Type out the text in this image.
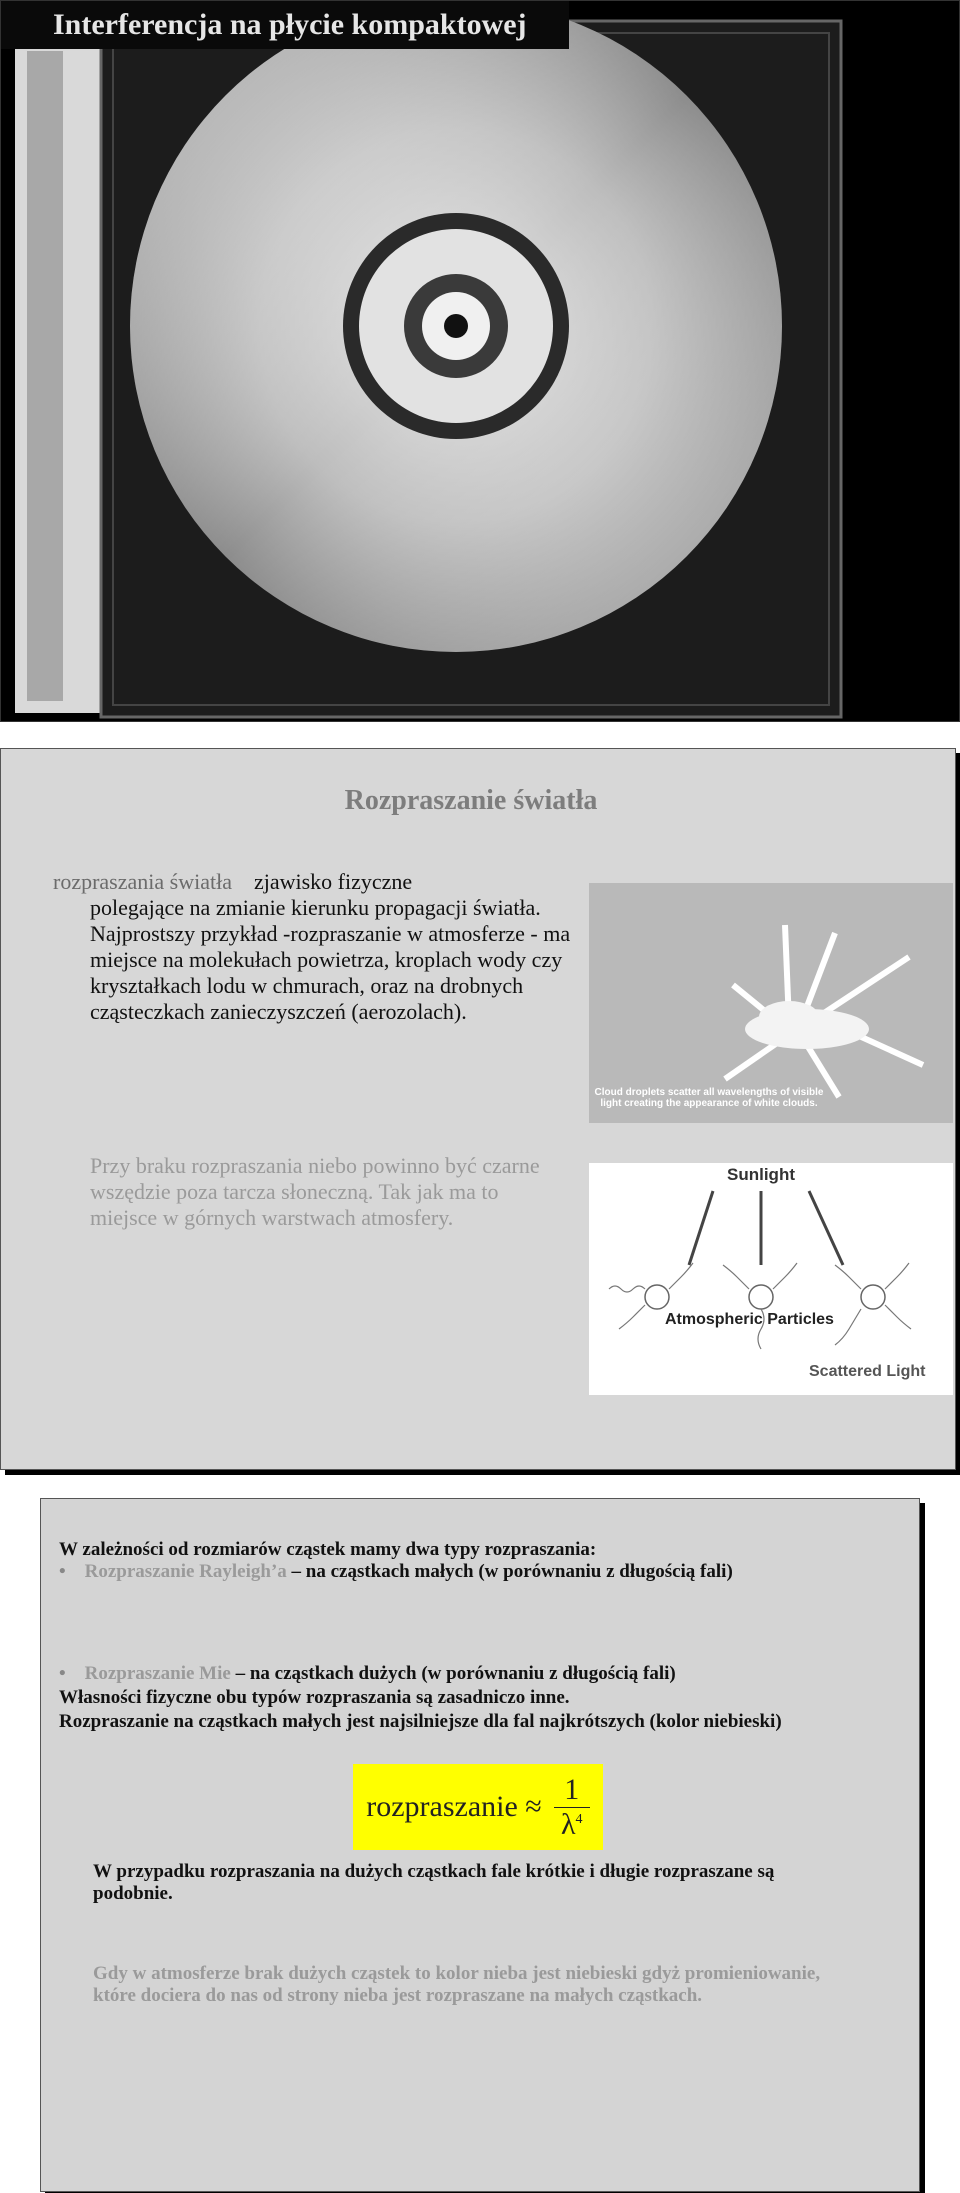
Interferencja na płycie kompaktowej
Rozpraszanie światła
rozpraszania światła zjawisko fizyczne
polegające na zmianie kierunku propagacji światła.
Najprostszy przykład -rozpraszanie w atmosferze - ma miejsce na molekułach powietrza, kroplach wody czy kryształkach lodu w chmurach, oraz na drobnych cząsteczkach zanieczyszczeń (aerozolach).
Przy braku rozpraszania niebo powinno być czarne wszędzie poza tarcza słoneczną. Tak jak ma to miejsce w górnych warstwach atmosfery.
Cloud droplets scatter all wavelengths of visible light creating the appearance of white clouds.
Sunlight
Atmospheric Particles
Scattered Light
W zależności od rozmiarów cząstek mamy dwa typy rozpraszania:
• Rozpraszanie Rayleigh’a – na cząstkach małych (w porównaniu z długością fali)
• Rozpraszanie Mie – na cząstkach dużych (w porównaniu z długością fali)
Własności fizyczne obu typów rozpraszania są zasadniczo inne.
Rozpraszanie na cząstkach małych jest najsilniejsze dla fal najkrótszych (kolor niebieski)
rozpraszanie ≈ $\frac{1}{\lambda^4}$
W przypadku rozpraszania na dużych cząstkach fale krótkie i długie rozpraszane są podobnie.
Gdy w atmosferze brak dużych cząstek to kolor nieba jest niebieski gdyż promieniowanie, które dociera do nas od strony nieba jest rozpraszane na małych cząstkach.
